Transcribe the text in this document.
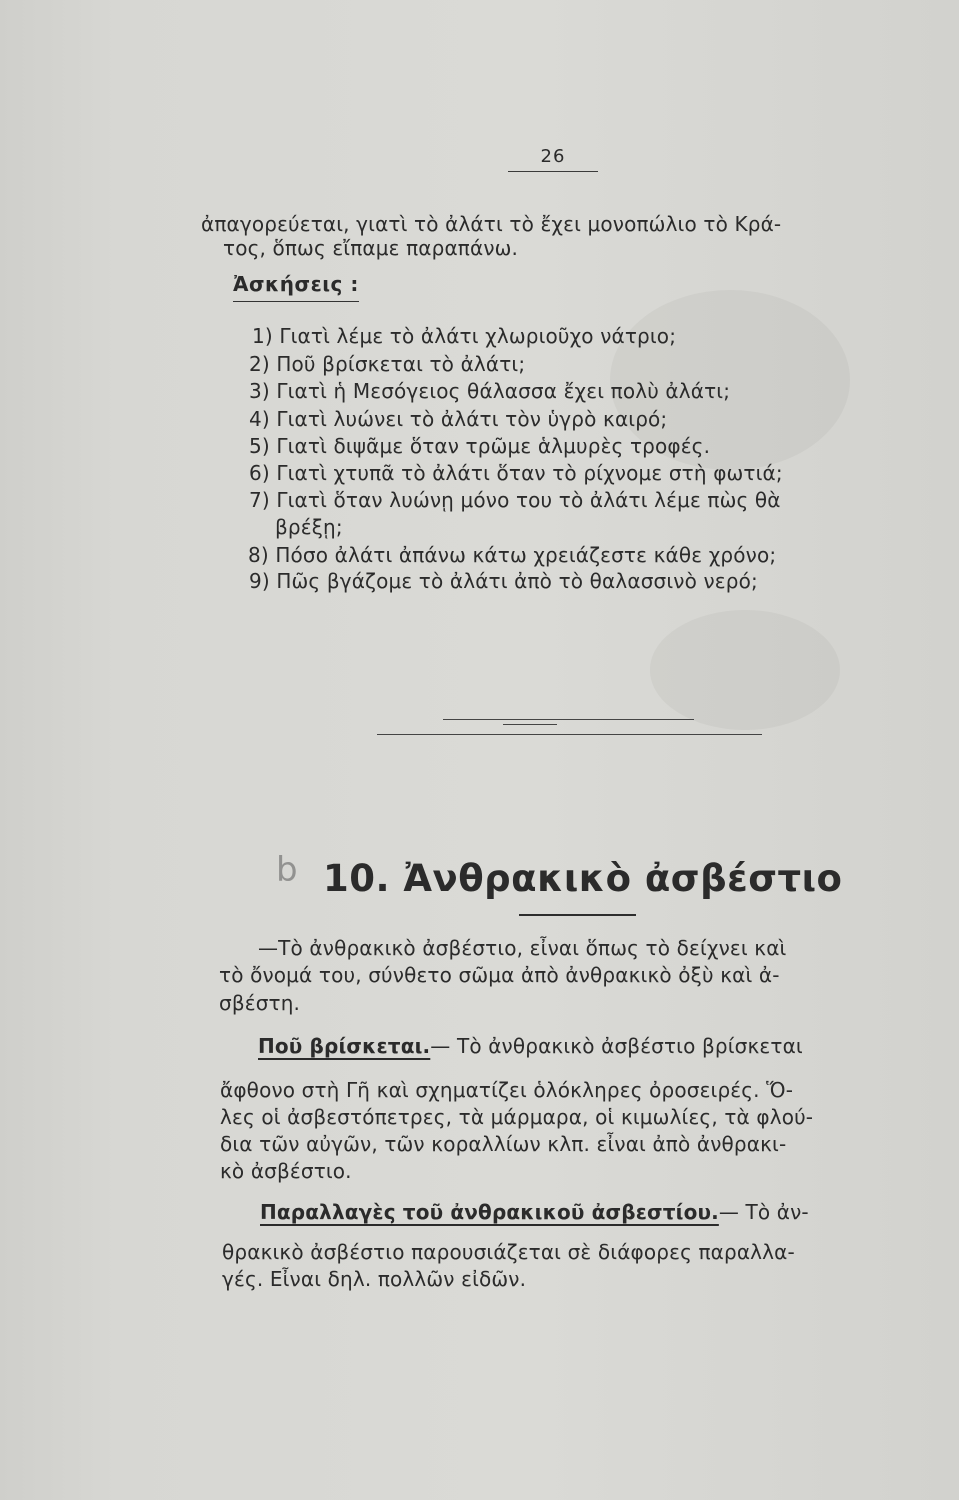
26
ἀπαγορεύεται, γιατὶ τὸ ἀλάτι τὸ ἔχει μονοπώλιο τὸ Κρά-
τος, ὅπως εἴπαμε παραπάνω.
Ἀσκήσεις :
1) Γιατὶ λέμε τὸ ἀλάτι χλωριοῦχο νάτριο;
2) Ποῦ βρίσκεται τὸ ἀλάτι;
3) Γιατὶ ἡ Μεσόγειος θάλασσα ἔχει πολὺ ἀλάτι;
4) Γιατὶ λυώνει τὸ ἀλάτι τὸν ὑγρὸ καιρό;
5) Γιατὶ διψᾶμε ὅταν τρῶμε ἁλμυρὲς τροφές.
6) Γιατὶ χτυπᾶ τὸ ἀλάτι ὅταν τὸ ρίχνομε στὴ φωτιά;
7) Γιατὶ ὅταν λυώνῃ μόνο του τὸ ἀλάτι λέμε πὼς θὰ
βρέξῃ;
8) Πόσο ἀλάτι ἀπάνω κάτω χρειάζεστε κάθε χρόνο;
9) Πῶς βγάζομε τὸ ἀλάτι ἀπὸ τὸ θαλασσινὸ νερό;
b 10. Ἀνθρακικὸ ἀσβέστιο
—Τὸ ἀνθρακικὸ ἀσβέστιο, εἶναι ὅπως τὸ δείχνει καὶ
τὸ ὄνομά του, σύνθετο σῶμα ἀπὸ ἀνθρακικὸ ὀξὺ καὶ ἀ-
σβέστη.
Ποῦ βρίσκεται.— Τὸ ἀνθρακικὸ ἀσβέστιο βρίσκεται
ἄφθονο στὴ Γῆ καὶ σχηματίζει ὁλόκληρες ὀροσειρές. Ὅ-
λες οἱ ἀσβεστόπετρες, τὰ μάρμαρα, οἱ κιμωλίες, τὰ φλού-
δια τῶν αὐγῶν, τῶν κοραλλίων κλπ. εἶναι ἀπὸ ἀνθρακι-
κὸ ἀσβέστιο.
Παραλλαγὲς τοῦ ἀνθρακικοῦ ἀσβεστίου.— Τὸ ἀν-
θρακικὸ ἀσβέστιο παρουσιάζεται σὲ διάφορες παραλλα-
γές. Εἶναι δηλ. πολλῶν εἰδῶν.
